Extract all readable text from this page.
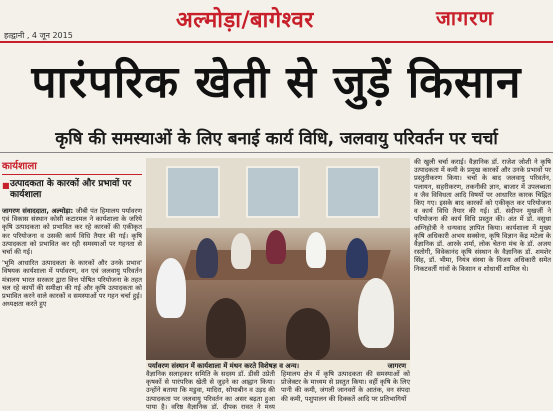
अल्मोड़ा/बागेश्वर	जागरण
हल्द्वानी , 4 जून 2015
पारंपरिक खेती से जुड़ें किसान
कृषि की समस्याओं के लिए बनाई कार्य विधि, जलवायु परिवर्तन पर चर्चा
कार्यशाला
■ उत्पादकता के कारकों और प्रभावों पर कार्यशाला

जागरण संवाददाता, अल्मोड़ा: जीबी पंत हिमालय पर्यावरण एवं विकास संस्थान कोसी कटारमल ने कार्यशाला के जरिये कृषि उत्पादकता को प्रभावित कर रहे कारकों की एकीकृत कर परियोजना व उसकी कार्य विधि तैयार की गई। कृषि उत्पादकता को प्रभावित कर रही समस्याओं पर गहनता से चर्चा की गई।

'भूमि आधारित उत्पादकता के कारकों और उनके प्रभाव' विषयक कार्यशाला में पर्यावरण, वन एवं जलवायु परिवर्तन मंत्रालय भारत सरकार द्वारा वित्त पोषित परियोजना के तहत चल रहे कार्यों की समीक्षा की गई और कृषि उत्पादकता को प्रभावित करने वाले कारकों व समस्याओं पर गहन चर्चा हुई। अध्यक्षता करते हुए

पर्यावरण संस्थान में कार्यशाला में मंथन करते विशेषज्ञ व अन्य।	जागरण

वैज्ञानिक सलाहकार समिति के सदस्य डॉ. डीसी उप्रेती कृषकों से पारंपरिक खेती से जुड़ने का आह्वान किया। उन्होंने बताया कि मडुवा, मादिरा, सोयाबीन व उड़द की उत्पादकता पर जलवायु परिवर्तन का असर बढ़ता हुआ पाया है। वरिष्ठ वैज्ञानिक डॉ. दीपक रावत ने मध्य हिमालय क्षेत्र में कृषि उत्पादकता की समस्याओं को प्रोजेक्टर के माध्यम से प्रस्तुत किया। वहीं कृषि के लिए पानी की कमी, जंगली जानवरों के आतंक, वन संपदा की कमी, पशुपालन की दिक्कतें आदि पर प्रतिभागियों

की खुली चर्चा कराई। वैज्ञानिक डॉ. राजेश जोशी ने कृषि उत्पादकता में कमी के प्रमुख कारकों और उनके प्रभावों पर प्रस्तुतीकरण किया। चर्चा के बाद जलवायु परिवर्तन, पलायन, सहरीकरण, तकनीकी ज्ञान, बाजार में उपलब्धता व जैव विविधता आदि विषयों पर आधारित कारक चिह्नित किए गए। इसके बाद कारकों को एकीकृत कर परियोजना व कार्य विधि तैयार की गई। डॉ. संदीपन मुखर्जी ने परियोजना की कार्य विधि प्रस्तुत की। अंत में डॉ. वसुधा अग्निहोत्री ने धन्यवाद ज्ञापित किया। कार्यशाला में मुख्य कृषि अधिकारी अभय सक्सेना, कृषि विज्ञान केंद्र मटेला के वैज्ञानिक डॉ. आरके शर्मा, लोक चेतना मंच के डॉ. अजय रस्तोगी, विवेकानंद कृषि संस्थान के वैज्ञानिक डॉ. शमशेर सिंह, डॉ. भीमा, नियंत्र संस्था के विजय अधिकारी समेत निकटवर्ती गांवों के किसान व शोधार्थी शामिल थे।
